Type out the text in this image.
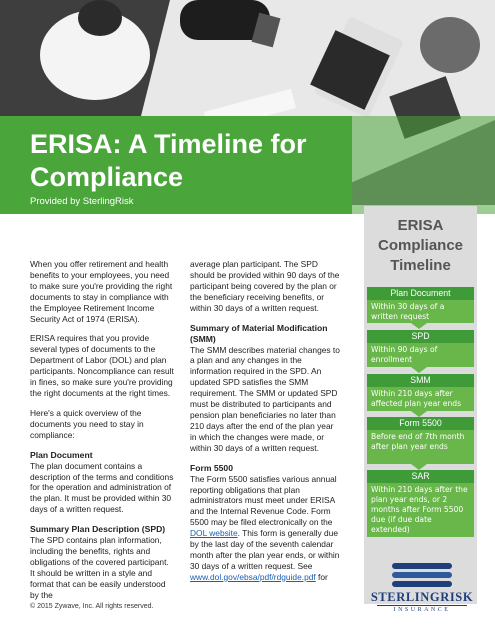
ERISA: A Timeline for Compliance
Provided by SterlingRisk

When you offer retirement and health benefits to your employees, you need to make sure you're providing the right documents to stay in compliance with the Employee Retirement Income Security Act of 1974 (ERISA).

ERISA requires that you provide several types of documents to the Department of Labor (DOL) and plan participants. Noncompliance can result in fines, so make sure you're providing the right documents at the right times.

Here's a quick overview of the documents you need to stay in compliance:

Plan Document

The plan document contains a description of the terms and conditions for the operation and administration of the plan. It must be provided within 30 days of a written request.

Summary Plan Description (SPD)

The SPD contains plan information, including the benefits, rights and obligations of the covered participant. It should be written in a style and format that can be easily understood by the

average plan participant. The SPD should be provided within 90 days of the participant being covered by the plan or the beneficiary receiving benefits, or within 30 days of a written request.

Summary of Material Modification (SMM)

The SMM describes material changes to a plan and any changes in the information required in the SPD. An updated SPD satisfies the SMM requirement. The SMM or updated SPD must be distributed to participants and pension plan beneficiaries no later than 210 days after the end of the plan year in which the changes were made, or within 30 days of a written request.

Form 5500

The Form 5500 satisfies various annual reporting obligations that plan administrators must meet under ERISA and the Internal Revenue Code. Form 5500 may be filed electronically on the DOL website. This form is generally due by the last day of the seventh calendar month after the plan year ends, or within 30 days of a written request. See www.dol.gov/ebsa/pdf/rdguide.pdf for

ERISA Compliance Timeline
Plan Document
Within 30 days of a written request
SPD
Within 90 days of enrollment
SMM
Within 210 days after affected plan year ends
Form 5500
Before end of 7th month after plan year ends
SAR
Within 210 days after the plan year ends, or 2 months after Form 5500 due (if due date extended)
STERLINGRISK
INSURANCE
© 2015 Zywave, Inc. All rights reserved.
